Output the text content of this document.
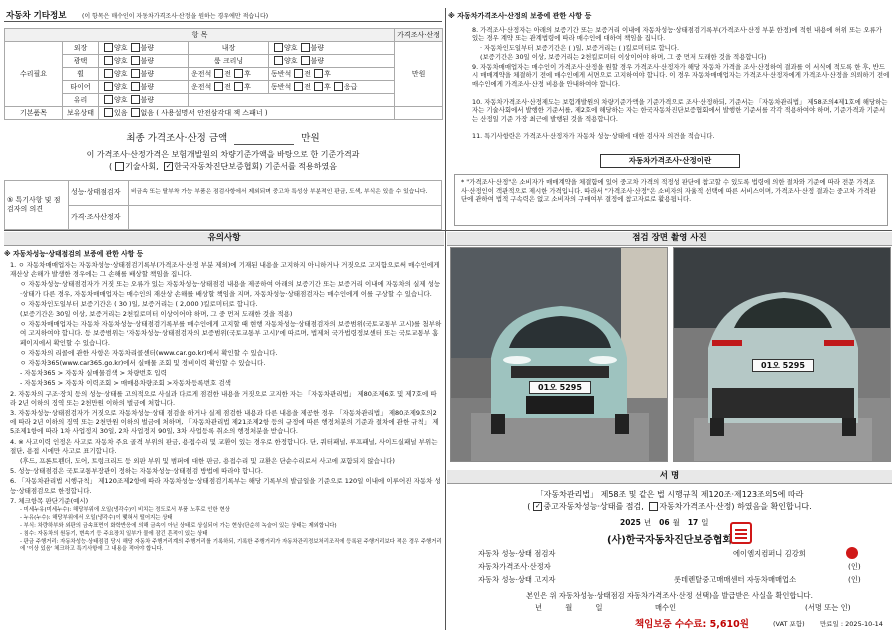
자동차 기타정보	(이 항목은 매수인이 자동차가격조사·산정을 원하는 경우에만 적습니다)
항 목					가격조사·산정
수리필요	외장	양호 불량	내장	양호 불량	만원
	광택	양호 불량	룸 크리닝	양호 불량	
	휠	양호 불량	운전석 전 후	동반석 전 후	
	타이어	양호 불량	운전석 전 후	동반석 전 후 응급	
	유리	양호 불량			
기본품목	보유상태	있음 없음 ( 사용설명서 안전삼각대 잭 스패너 )			
최종 가격조사·산정 금액	만원
이 가격조사·산정가격은 보험개발원의 차량기준가액을 바탕으로 한 기준가격과
( 기술사회, ✓ 한국자동차진단보증협회) 기준서를 적용하였음
⑤ 특기사항 및 점검자의 의견	성능·상태점검자	비금속 또는 탈부착 가능 부품은 점검사항에서 제외되며 중고차 특성상 부분적인 판금, 도색, 부식은 있을 수 있습니다.
	가격·조사산정자	
※ 자동차가격조사·산정의 보증에 관한 사항 등
8. 가격조사·산정자는 아래의 보증기간 또는 보증거리 이내에 자동차성능·상태점검기록부(가격조사·산정 부분 한정)에 적힌 내용에 허위 또는 오류가 있는 경우 계약 또는 관계법령에 따라 매수인에 대하여 책임을 집니다.
· 자동차인도일부터 보증기간은 ( )일, 보증거리는 ( )킬로미터로 합니다.
(보증기간은 30일 이상, 보증거리는 2천킬로미터 이상이어야 하며, 그 중 먼저 도래한 것을 적용합니다)
9. 자동차매매업자는 매수인이 가격조사·산정을 원할 경우 가격조사·산정자가 해당 자동차 가격을 조사·산정하여 결과를 이 서식에 적도록 한 후, 반드시 매매계약을 체결하기 전에 매수인에게 서면으로 고지하여야 합니다. 이 경우 자동차매매업자는 가격조사·산정자에게 가격조사·산정을 의뢰하기 전에 매수인에게 가격조사·산정 비용을 안내하여야 합니다.
10. 자동차가격조사·산정제도는 보험개발원의 차량기준가액을 기준가격으로 조사·산정하되, 기준서는 「자동차관리법」 제58조의4제1호에 해당하는 자는 기술사회에서 발행한 기준서를, 제2호에 해당하는 자는 한국자동차진단보증협회에서 발행한 기준서를 각각 적용하여야 하며, 기준가격과 기준서는 산정일 기준 가장 최근에 발행된 것을 적용합니다.
11. 특기사항란은 가격조사·산정자가 자동차 성능·상태에 대한 검사자 의견을 적습니다.
자동차가격조사·산정이란
* "가격조사·산정"은 소비자가 매매계약을 체결함에 있어 중고차 가격의 적정성 판단에 참고할 수 있도록 법령에 의한 절차와 기준에 따라 전문 가격조사·산정인이 객관적으로 제시한 가격입니다. 따라서 "가격조사·산정"은 소비자의 자율적 선택에 따른 서비스이며, 가격조사·산정 결과는 중고차 가격판단에 관하여 법적 구속력은 없고 소비자의 구매여부 결정에 참고자료로 활용됩니다.
유의사항
※ 자동차성능·상태점검의 보증에 관한 사항 등
1. ㅇ 자동차매매업자는 자동차성능·상태점검기록부(가격조사·산정 부분 제외)에 기재된 내용을 고지하지 아니하거나 거짓으로 고지함으로써 매수인에게 재산상 손해가 발생한 경우에는 그 손해를 배상할 책임을 집니다.
ㅇ 자동차성능·상태점검자가 거짓 또는 오류가 있는 자동차성능·상태점검 내용을 제공하여 아래의 보증기간 또는 보증거리 이내에 자동차의 실제 성능·상태가 다른 경우, 자동차매매업자는 매수인의 재산상 손해를 배상할 책임을 지며, 자동차성능·상태점검자는 매수인에게 이를 구상할 수 있습니다.
ㅇ 자동차인도일부터 보증기간은 ( 30 )일, 보증거리는 ( 2,000 )킬로미터로 합니다.
(보증기간은 30일 이상, 보증거리는 2천킬로미터 이상이어야 하며, 그 중 먼저 도래한 것을 적용)
ㅇ 자동차매매업자는 자동차 자동차성능·상태점검기록부를 매수인에게 고지할 때 현행 자동차성능·상태점검자의 보증범위(국토교통부 고시)를 첨부하여 고지하여야 합니다. 등 보증범위는 '자동차성능·상태점검자의 보증범위(국토교통부 고시)'에 따르며, 법제처 국가법령정보센터 또는 국토교통부 홈페이지에서 확인할 수 있습니다.
ㅇ 자동차의 리콜에 관한 사항은 자동차리콜센터(www.car.go.kr)에서 확인할 수 있습니다.
ㅇ 자동차365(www.car365.go.kr)에서 실매물 조회 및 정비이력 확인할 수 있습니다.
- 자동차365 > 자동차 실매물검색 > 차량번호 입력
- 자동차365 > 자동차 이력조회 > 매매용차량조회 >자동차등록번호 검색
2. 자동차의 구조·장치 등의 성능·상태를 고의적으로 사실과 다르게 점검한 내용을 거짓으로 고지한 자는 「자동차관리법」 제80조제6호 및 제7호에 따라 2년 이하의 징역 또는 2천만원 이하의 벌금에 처합니다.
3. 자동차성능·상태점검자가 거짓으로 자동차성능·상태 점검을 하거나 실제 점검한 내용과 다른 내용을 제공한 경우 「자동차관리법」 제80조제9호의2에 따라 2년 이하의 징역 또는 2천만원 이하의 벌금에 처하며, 「자동차관리법 제21조제2항 등의 규정에 따른 행정처분의 기준과 절차에 관한 규칙」 제5조제1항에 따라 1차 사업정지 30일, 2차 사업정지 90일, 3차 사업등록 취소의 행정처분을 받습니다.
4. ※ 사고이력 인정은 사고로 자동차 주요 골격 부위의 판금, 용접수리 및 교환이 있는 경우로 한정합니다. 단, 쿼터패널, 루프패널, 사이드실패널 부위는 절단, 용접 시에만 사고로 표기합니다.
(후드, 프론트펜더, 도어, 트렁크리드 등 외판 부위 및 범퍼에 대한 판금, 용접수리 및 교환은 단순수리로서 사고에 포함되지 않습니다)
5. 성능·상태점검은 국토교통부장관이 정하는 자동차성능·상태점검 방법에 따라야 합니다.
6. 「자동차관리법 시행규칙」 제120조제2항에 따라 자동차성능·상태점검기록부는 해당 기록부의 발급일을 기준으로 120일 이내에 이루어진 자동차 성능·상태점검으로 한정합니다.
7. 체크항목 판단기준(예시)
- 미세누유(미세누수): 해당부위에 오일(냉각수)이 비치는 정도로서 부품 노후로 인한 현상
- 누유(누수): 해당부위에서 오일(냉각수)이 맺혀서 떨어지는 상태
- 부식: 차량하부와 외판의 금속표면이 화학반응에 의해 금속이 아닌 상태로 상실되어 가는 현상(단순히 녹슬어 있는 상태는 제외합니다)
- 침수: 자동차의 원동기, 변속기 등 주요장치 일부가 물에 잠긴 흔적이 있는 상태
- 판금 주행거리: 자동차성능·상태점검 당시 해당 자동차 주행거리계의 주행거리를 기록하되, 기록한 주행거리가 자동차관리정보처리조직에 등록된 주행거리보다 적은 경우 주행거리에 '이상 있음' 체크하고 특기사항에 그 내용을 적어야 합니다.
점검 장면 촬영 사진
01오 5295
01오 5295
서 명
「자동차관리법」 제58조 및 같은 법 시행규칙 제120조·제123조의5에 따라
( ✓ 중고자동차성능·상태를 점검, 자동차가격조사·산정) 하였음을 확인합니다.
2025 년 06 월 17 일
(사)한국자동차진단보증협회
자동차 성능·상태 점검자	에이엠지컴퍼니 김강희
자동차가격조사·산정자	(인)
자동차 성능·상태 고지자	롯데렌탈중고매매센터 자동차매매업소	(인)
본인은 위 자동차성능·상태점검 자동차가격조사·산정 선택)을 발급받은 사실을 확인합니다.
년          월          일	매수인	(서명 또는 인)
책임보증 수수료: 5,610원	(VAT 포함) 만료일 : 2025-10-14
